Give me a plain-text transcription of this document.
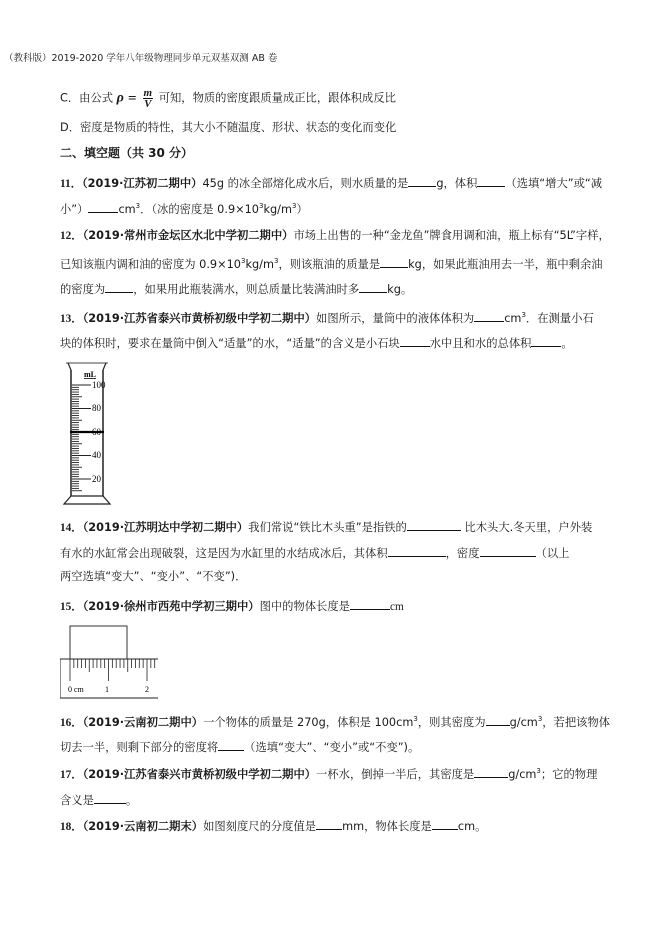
（教科版）2019-2020 学年八年级物理同步单元双基双测 AB 卷
C．由公式 $\rho = \frac{m}{V}$ 可知，物质的密度跟质量成正比，跟体积成反比
D．密度是物质的特性，其大小不随温度、形状、状态的变化而变化
二、填空题（共 30 分）
11．（2019·江苏初二期中）45g 的冰全部熔化成水后，则水质量的是 g，体积 （选填“增大”或“减
小”）	$cm^3$．（冰的密度是 $0.9\times 10^3kg/m^3$）
12．（2019·常州市金坛区水北中学初二期中）市场上出售的一种“金龙鱼”牌食用调和油，瓶上标有“5L”字样，
已知该瓶内调和油的密度为 $0.9\times 10^3kg/m^3$，则该瓶油的质量是 kg，如果此瓶油用去一半，瓶中剩余油
的密度为 ，如果用此瓶装满水，则总质量比装满油时多 kg。
13．（2019·江苏省泰兴市黄桥初级中学初二期中）如图所示，量筒中的液体体积为	$cm^3$．在测量小石
块的体积时，要求在量筒中倒入“适量”的水，“适量”的含义是小石块	水中且和水的总体积	。
mL
100
80
60
40
20
14．（2019·江苏明达中学初二期中）我们常说“铁比木头重”是指铁的	比木头大.冬天里，户外装
有水的水缸常会出现破裂，这是因为水缸里的水结成冰后，其体积	，密度	（以上
两空选填“变大”、“变小”、“不变”)．
15．（2019·徐州市西苑中学初三期中）图中的物体长度是	cm
0 cm	1	2
16．（2019·云南初二期中）一个物体的质量是 270g，体积是 $100cm^3$，则其密度为 $g/cm^3$，若把该物体
切去一半，则剩下部分的密度将 （选填“变大”、“变小”或“不变”)。
17．（2019·江苏省泰兴市黄桥初级中学初二期中）一杯水，倒掉一半后，其密度是	$g/cm^3$；它的物理
含义是	。
18．（2019·云南初二期末）如图刻度尺的分度值是 mm，物体长度是 cm。
